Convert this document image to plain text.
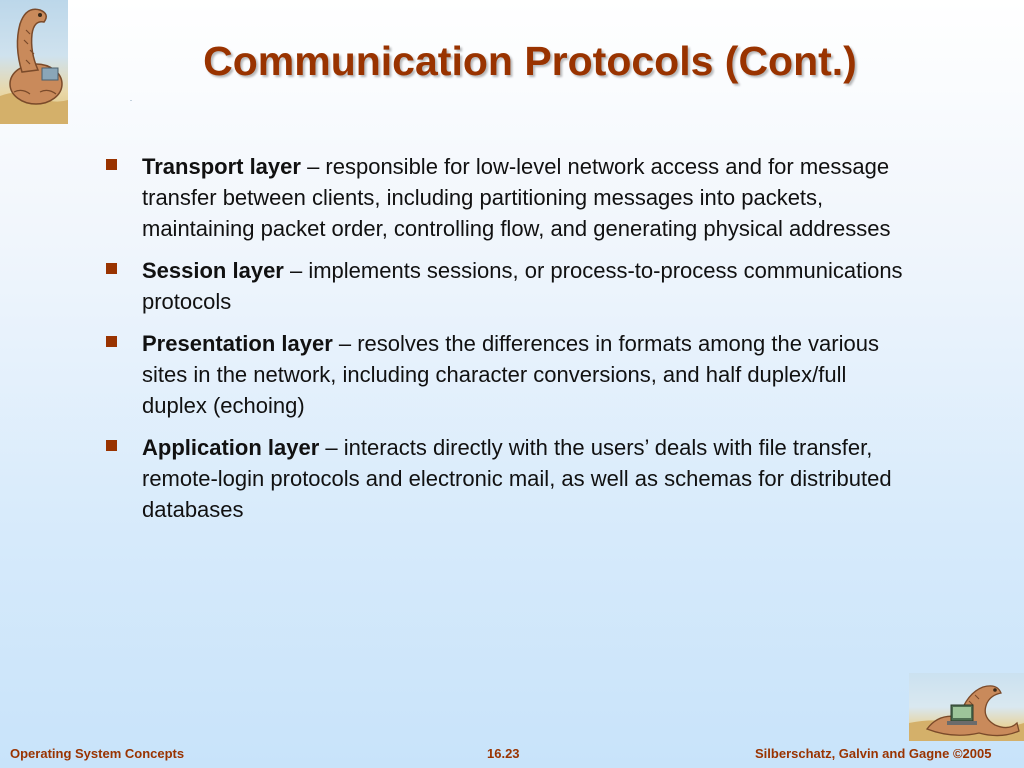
Communication Protocols (Cont.)
Transport layer – responsible for low-level network access and for message transfer between clients, including partitioning messages into packets, maintaining packet order, controlling flow, and generating physical addresses
Session layer – implements sessions, or process-to-process communications protocols
Presentation layer – resolves the differences in formats among the various sites in the network, including character conversions, and half duplex/full duplex (echoing)
Application layer – interacts directly with the users’ deals with file transfer, remote-login protocols and electronic mail, as well as schemas for distributed databases
Operating System Concepts	16.23	Silberschatz, Galvin and Gagne ©2005
